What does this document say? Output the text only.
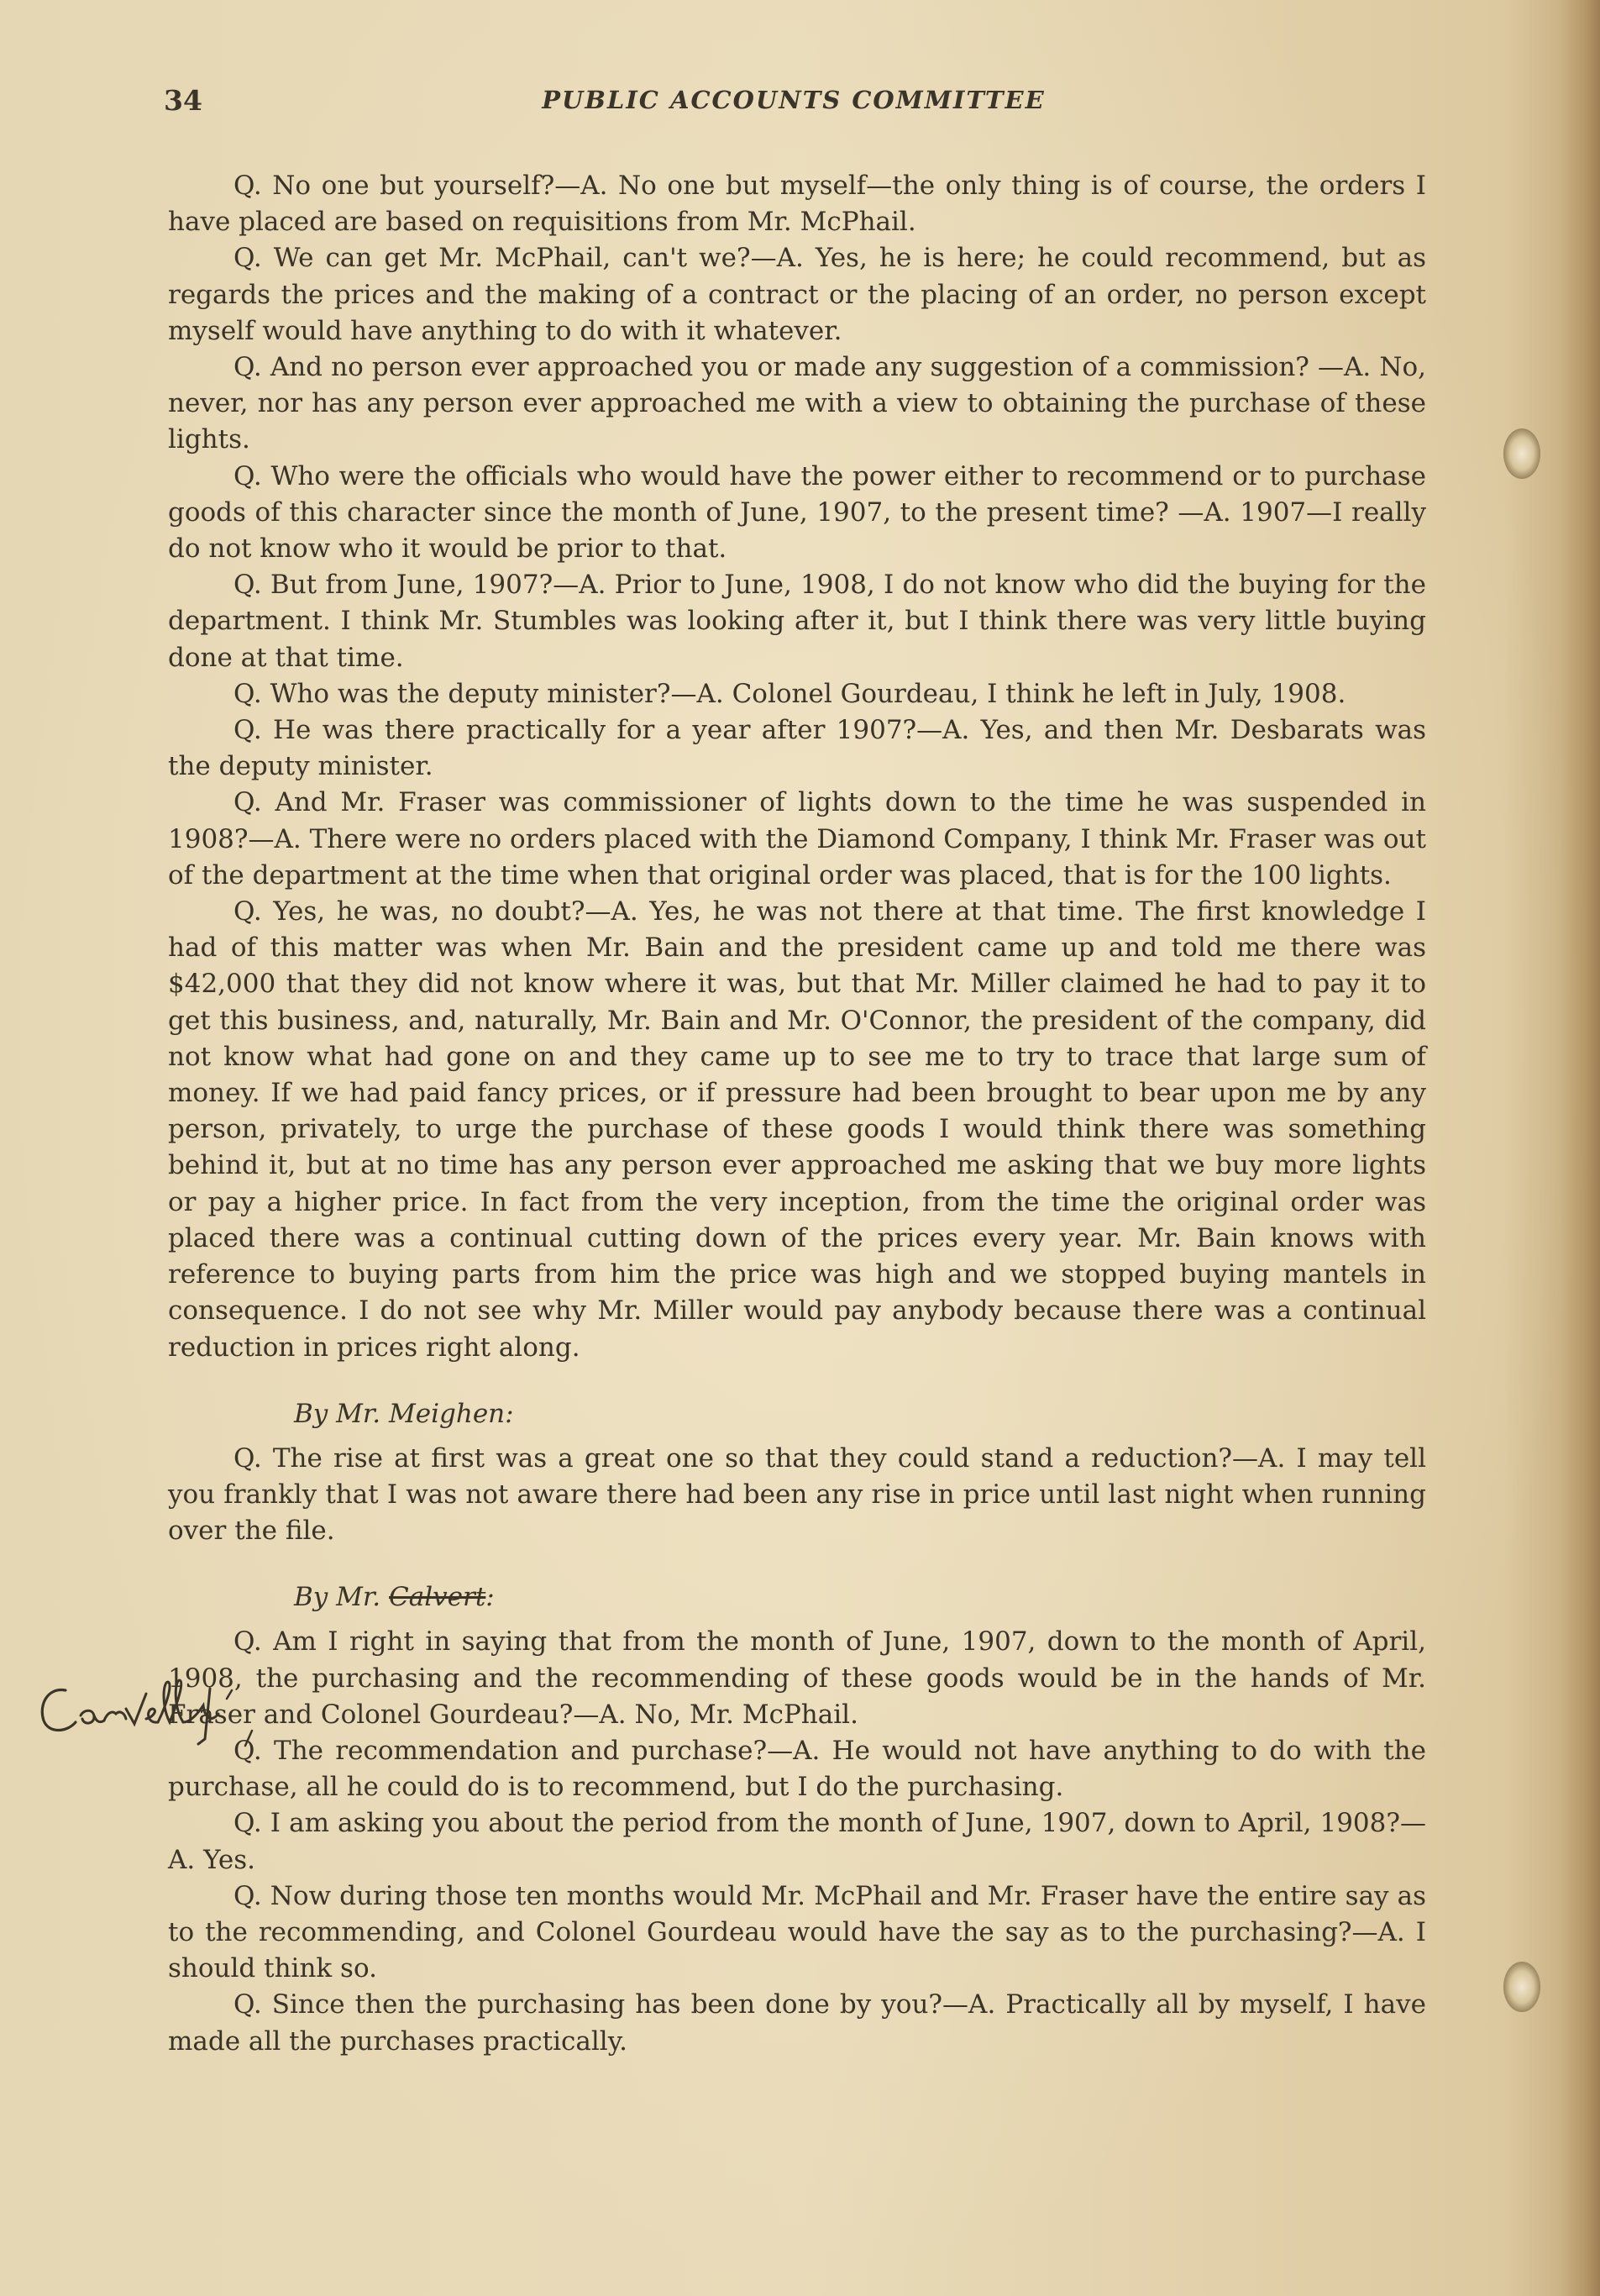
34	PUBLIC ACCOUNTS COMMITTEE

Q. No one but yourself?—A. No one but myself—the only thing is of course, the orders I have placed are based on requisitions from Mr. McPhail.

Q. We can get Mr. McPhail, can't we?—A. Yes, he is here; he could recommend, but as regards the prices and the making of a contract or the placing of an order, no person except myself would have anything to do with it whatever.

Q. And no person ever approached you or made any suggestion of a commission? —A. No, never, nor has any person ever approached me with a view to obtaining the purchase of these lights.

Q. Who were the officials who would have the power either to recommend or to purchase goods of this character since the month of June, 1907, to the present time? —A. 1907—I really do not know who it would be prior to that.

Q. But from June, 1907?—A. Prior to June, 1908, I do not know who did the buying for the department. I think Mr. Stumbles was looking after it, but I think there was very little buying done at that time.

Q. Who was the deputy minister?—A. Colonel Gourdeau, I think he left in July, 1908.

Q. He was there practically for a year after 1907?—A. Yes, and then Mr. Desbarats was the deputy minister.

Q. And Mr. Fraser was commissioner of lights down to the time he was suspended in 1908?—A. There were no orders placed with the Diamond Company, I think Mr. Fraser was out of the department at the time when that original order was placed, that is for the 100 lights.

Q. Yes, he was, no doubt?—A. Yes, he was not there at that time. The first knowledge I had of this matter was when Mr. Bain and the president came up and told me there was $42,000 that they did not know where it was, but that Mr. Miller claimed he had to pay it to get this business, and, naturally, Mr. Bain and Mr. O'Connor, the president of the company, did not know what had gone on and they came up to see me to try to trace that large sum of money. If we had paid fancy prices, or if pressure had been brought to bear upon me by any person, privately, to urge the purchase of these goods I would think there was something behind it, but at no time has any person ever approached me asking that we buy more lights or pay a higher price. In fact from the very inception, from the time the original order was placed there was a continual cutting down of the prices every year. Mr. Bain knows with reference to buying parts from him the price was high and we stopped buying mantels in consequence. I do not see why Mr. Miller would pay anybody because there was a continual reduction in prices right along.

By Mr. Meighen:

Q. The rise at first was a great one so that they could stand a reduction?—A. I may tell you frankly that I was not aware there had been any rise in price until last night when running over the file.

By Mr. Calvert:

Q. Am I right in saying that from the month of June, 1907, down to the month of April, 1908, the purchasing and the recommending of these goods would be in the hands of Mr. Fraser and Colonel Gourdeau?—A. No, Mr. McPhail.

Q. The recommendation and purchase?—A. He would not have anything to do with the purchase, all he could do is to recommend, but I do the purchasing.

Q. I am asking you about the period from the month of June, 1907, down to April, 1908?—A. Yes.

Q. Now during those ten months would Mr. McPhail and Mr. Fraser have the entire say as to the recommending, and Colonel Gourdeau would have the say as to the purchasing?—A. I should think so.

Q. Since then the purchasing has been done by you?—A. Practically all by myself, I have made all the purchases practically.
